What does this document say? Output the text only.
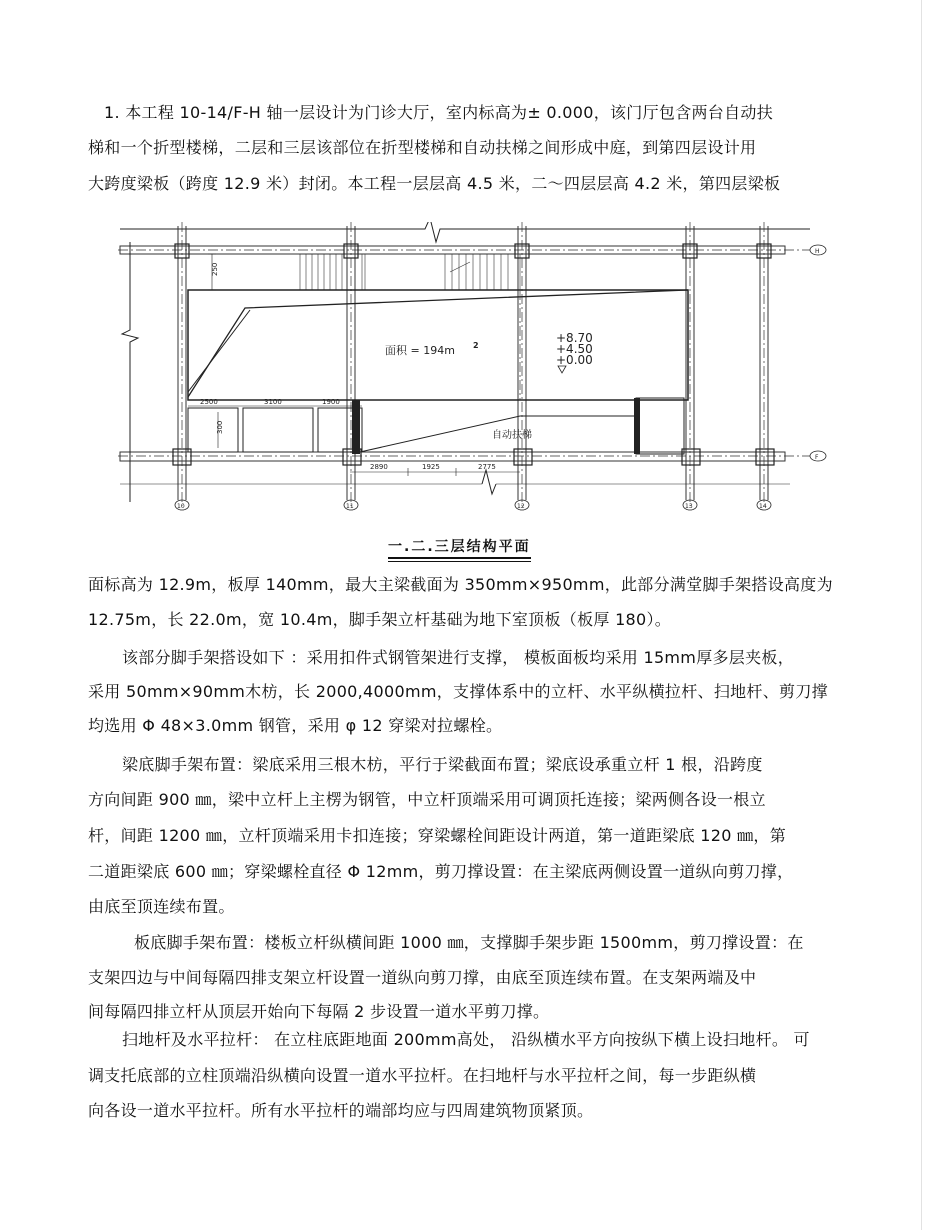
1. 本工程 10-14/F-H 轴一层设计为门诊大厅，室内标高为± 0.000，该门厅包含两台自动扶
梯和一个折型楼梯，二层和三层该部位在折型楼梯和自动扶梯之间形成中庭，到第四层设计用
大跨度梁板（跨度 12.9 米）封闭。本工程一层层高 4.5 米，二～四层层高 4.2 米，第四层梁板
面积 = 194m 2
+8.70
+4.50
+0.00
自动扶梯
250
300
2500	3100	1900
2890	1925	2775
H
F
10	11	12	13	14
一.二.三层结构平面
面标高为 12.9m，板厚 140mm，最大主梁截面为 350mm×950mm，此部分满堂脚手架搭设高度为
12.75m，长 22.0m，宽 10.4m，脚手架立杆基础为地下室顶板（板厚 180）。
该部分脚手架搭设如下 ：采用扣件式钢管架进行支撑， 模板面板均采用 15mm厚多层夹板，
采用 50mm×90mm木枋，长 2000,4000mm，支撑体系中的立杆、水平纵横拉杆、扫地杆、剪刀撑
均选用 Φ 48×3.0mm 钢管，采用 φ 12 穿梁对拉螺栓。
梁底脚手架布置：梁底采用三根木枋，平行于梁截面布置；梁底设承重立杆 1 根，沿跨度
方向间距 900 ㎜，梁中立杆上主楞为钢管，中立杆顶端采用可调顶托连接；梁两侧各设一根立
杆，间距 1200 ㎜，立杆顶端采用卡扣连接；穿梁螺栓间距设计两道，第一道距梁底 120 ㎜，第
二道距梁底 600 ㎜；穿梁螺栓直径 Φ 12mm，剪刀撑设置：在主梁底两侧设置一道纵向剪刀撑，
由底至顶连续布置。
板底脚手架布置：楼板立杆纵横间距 1000 ㎜，支撑脚手架步距 1500mm，剪刀撑设置：在
支架四边与中间每隔四排支架立杆设置一道纵向剪刀撑，由底至顶连续布置。在支架两端及中
间每隔四排立杆从顶层开始向下每隔 2 步设置一道水平剪刀撑。
扫地杆及水平拉杆： 在立柱底距地面 200mm高处， 沿纵横水平方向按纵下横上设扫地杆。 可
调支托底部的立柱顶端沿纵横向设置一道水平拉杆。在扫地杆与水平拉杆之间，每一步距纵横
向各设一道水平拉杆。所有水平拉杆的端部均应与四周建筑物顶紧顶。
